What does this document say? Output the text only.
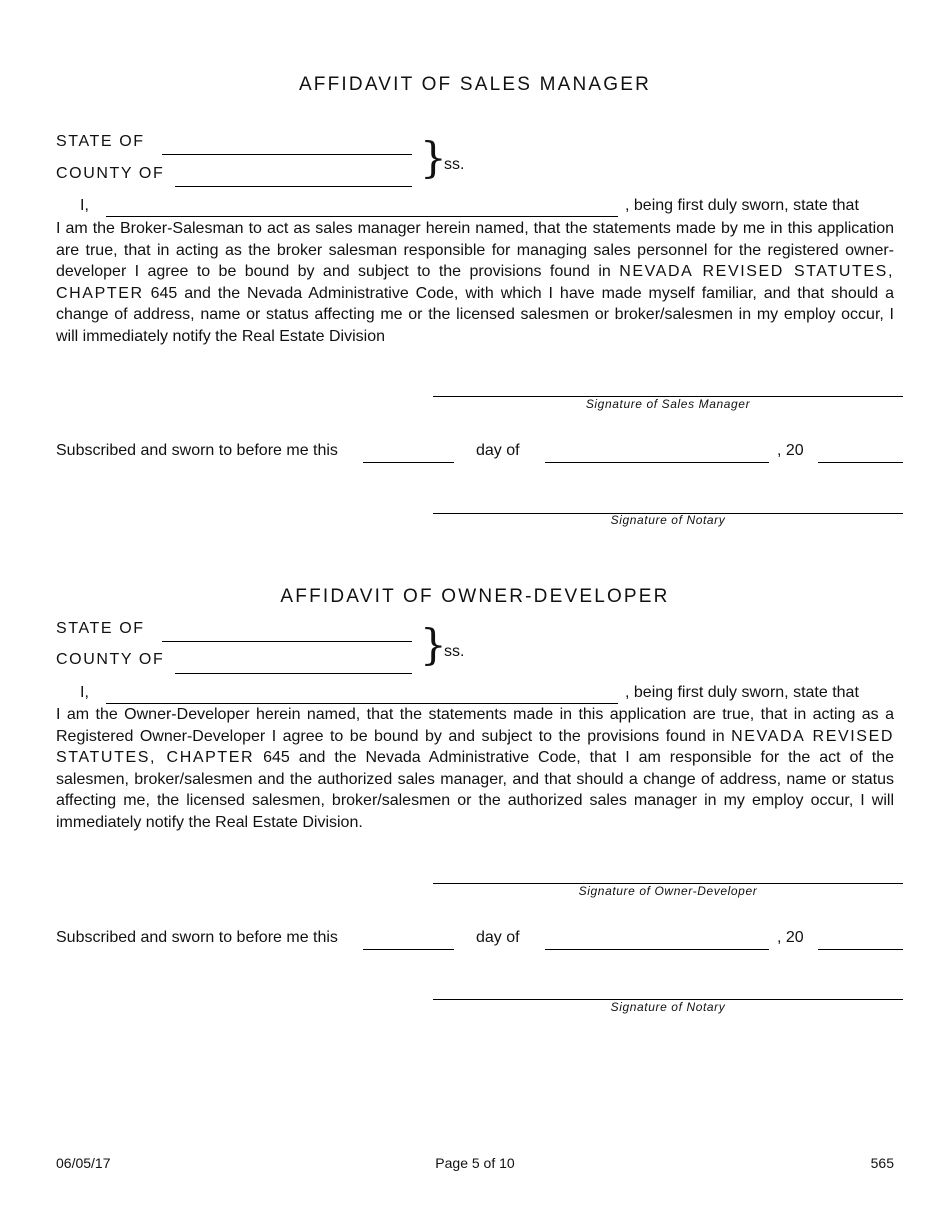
AFFIDAVIT OF SALES MANAGER
STATE OF
COUNTY OF	}
ss.
I,	, being first duly sworn, state that
I am the Broker-Salesman to act as sales manager herein named, that the statements made by me in this application are true, that in acting as the broker salesman responsible for managing sales personnel for the registered owner-developer I agree to be bound by and subject to the provisions found in NEVADA REVISED STATUTES, CHAPTER 645 and the Nevada Administrative Code, with which I have made myself familiar, and that should a change of address, name or status affecting me or the licensed salesmen or broker/salesmen in my employ occur, I will immediately notify the Real Estate Division
Signature of Sales Manager
Subscribed and sworn to before me this	day of	, 20
Signature of Notary
AFFIDAVIT OF OWNER-DEVELOPER
STATE OF
COUNTY OF	}
ss.
I,	, being first duly sworn, state that
I am the Owner-Developer herein named, that the statements made in this application are true, that in acting as a Registered Owner-Developer I agree to be bound by and subject to the provisions found in NEVADA REVISED STATUTES, CHAPTER 645 and the Nevada Administrative Code, that I am responsible for the act of the salesmen, broker/salesmen and the authorized sales manager, and that should a change of address, name or status affecting me, the licensed salesmen, broker/salesmen or the authorized sales manager in my employ occur, I will immediately notify the Real Estate Division.
Signature of Owner-Developer
Subscribed and sworn to before me this	day of	, 20
Signature of Notary
06/05/17	Page 5 of 10	565
